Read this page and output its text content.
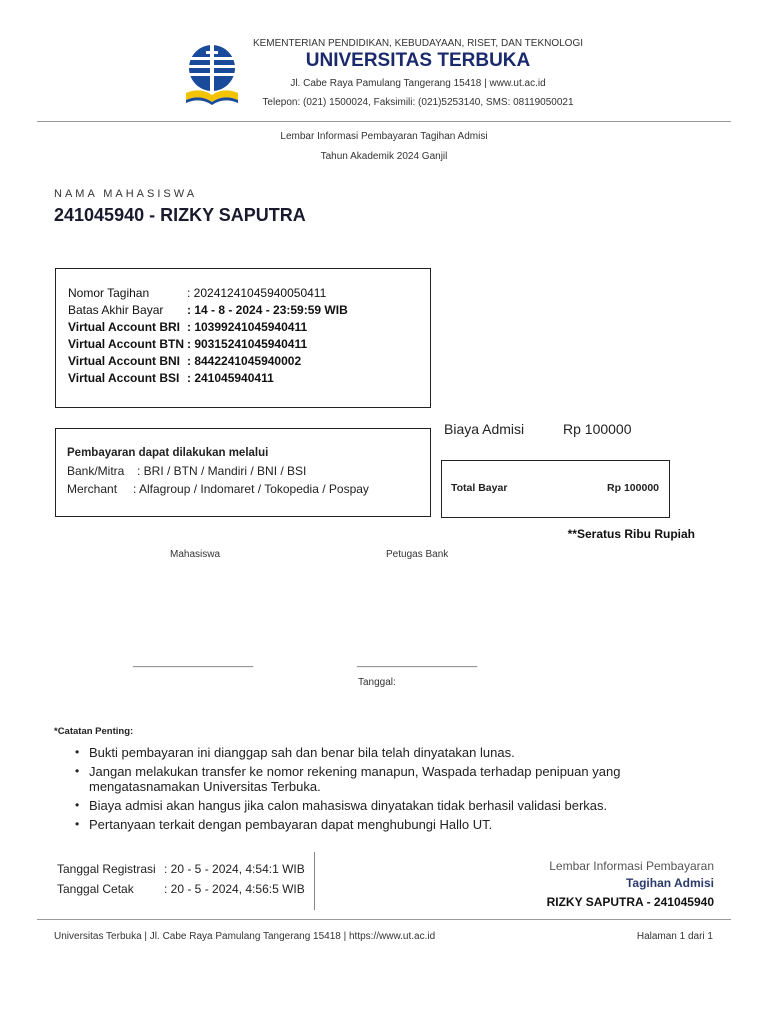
KEMENTERIAN PENDIDIKAN, KEBUDAYAAN, RISET, DAN TEKNOLOGI
UNIVERSITAS TERBUKA
Jl. Cabe Raya Pamulang Tangerang 15418 | www.ut.ac.id
Telepon: (021) 1500024, Faksimili: (021)5253140, SMS: 08119050021
Lembar Informasi Pembayaran Tagihan Admisi
Tahun Akademik 2024 Ganjil
NAMA MAHASISWA
241045940 - RIZKY SAPUTRA
Nomor Tagihan	: 20241241045940050411
Batas Akhir Bayar	: 14 - 8 - 2024 - 23:59:59 WIB
Virtual Account BRI : 10399241045940411
Virtual Account BTN : 90315241045940411
Virtual Account BNI : 8442241045940002
Virtual Account BSI : 241045940411
Pembayaran dapat dilakukan melalui
Bank/Mitra	: BRI / BTN / Mandiri / BNI / BSI
Merchant	: Alfagroup / Indomaret / Tokopedia / Pospay
Biaya Admisi	Rp 100000
Total Bayar	Rp 100000
**Seratus Ribu Rupiah
Mahasiswa	Petugas Bank
________________________	________________________
Tanggal:
*Catatan Penting:
• Bukti pembayaran ini dianggap sah dan benar bila telah dinyatakan lunas.
• Jangan melakukan transfer ke nomor rekening manapun, Waspada terhadap penipuan yang mengatasnamakan Universitas Terbuka.
• Biaya admisi akan hangus jika calon mahasiswa dinyatakan tidak berhasil validasi berkas.
• Pertanyaan terkait dengan pembayaran dapat menghubungi Hallo UT.
Tanggal Registrasi : 20 - 5 - 2024, 4:54:1 WIB
Tanggal Cetak	: 20 - 5 - 2024, 4:56:5 WIB
Lembar Informasi Pembayaran
Tagihan Admisi
RIZKY SAPUTRA - 241045940
Universitas Terbuka | Jl. Cabe Raya Pamulang Tangerang 15418 | https://www.ut.ac.id	Halaman 1 dari 1
